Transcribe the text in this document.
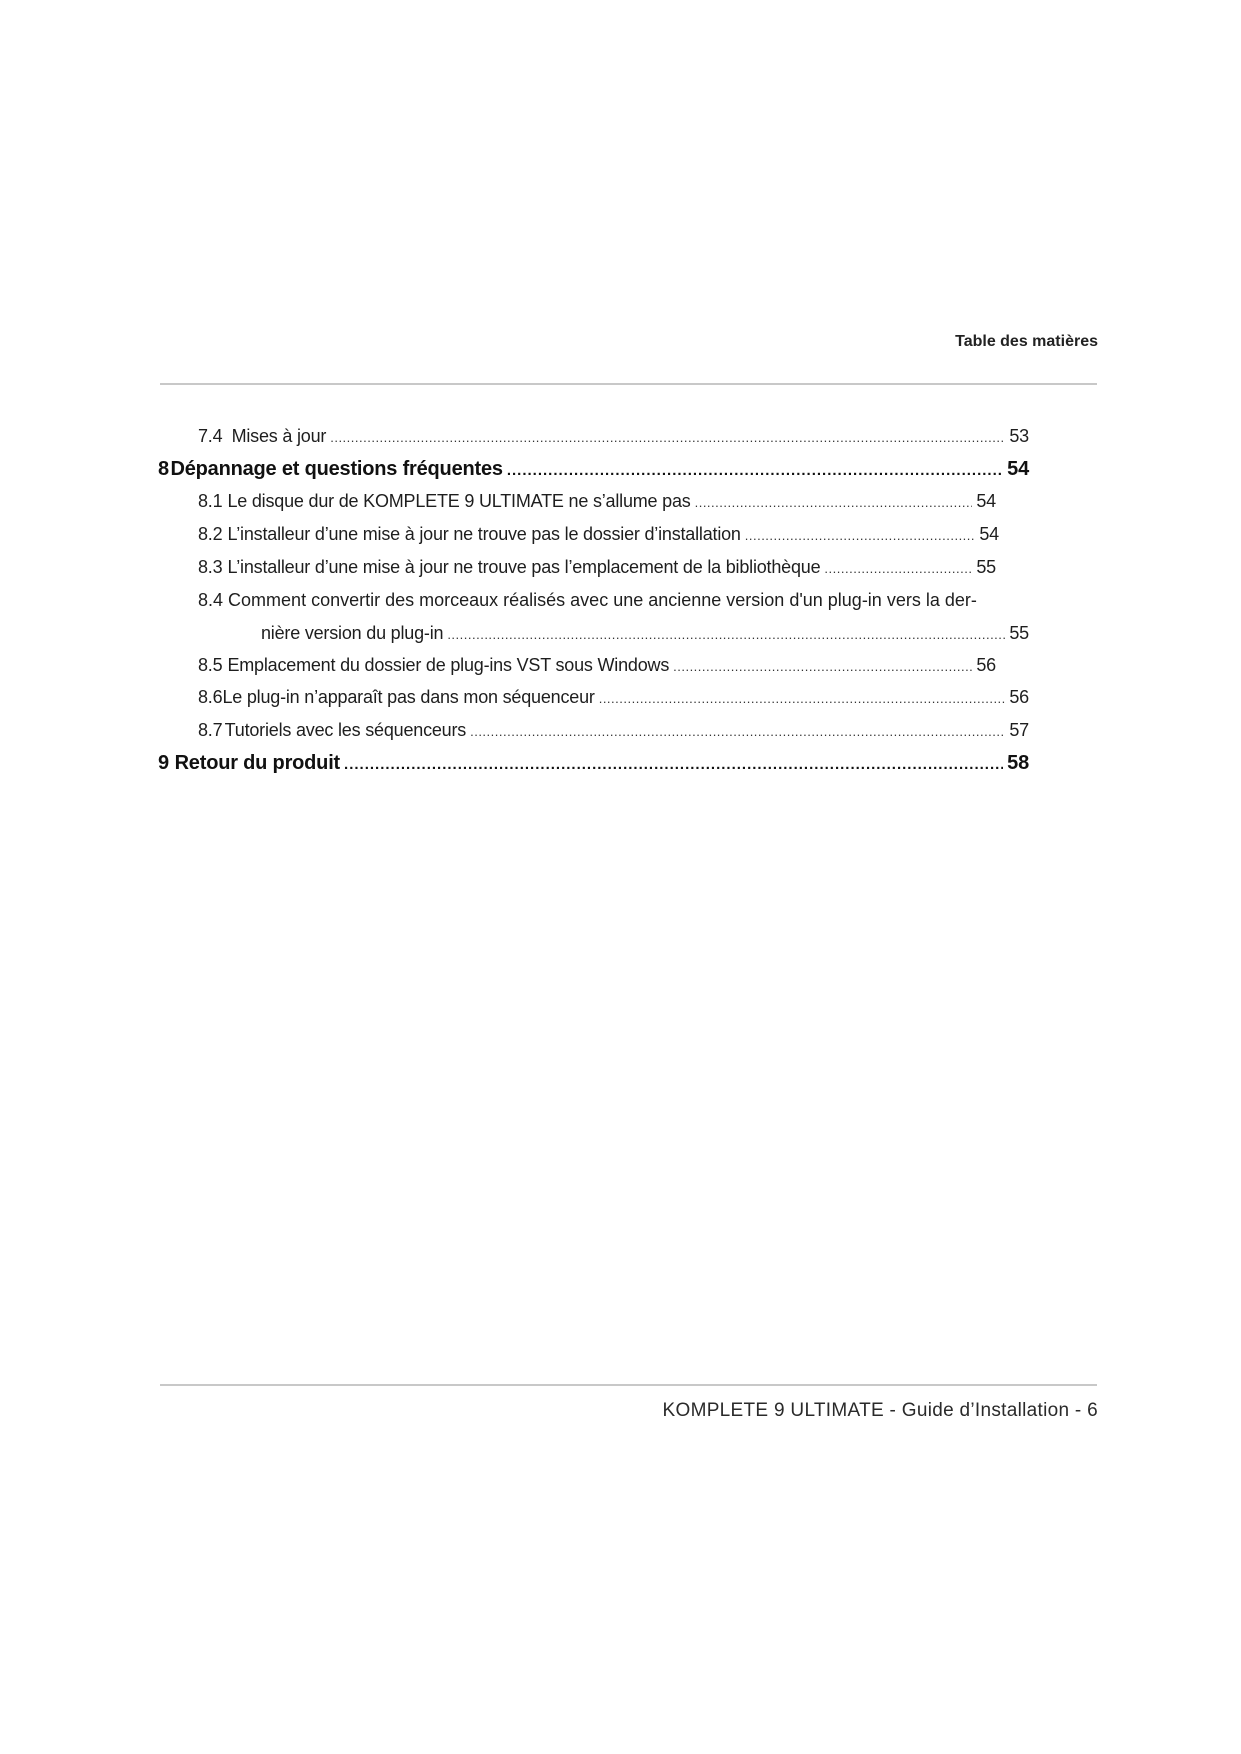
Table des matières
7.4 Mises à jour .....	53
8 Dépannage et questions fréquentes .....	54
8.1 Le disque dur de KOMPLETE 9 ULTIMATE ne s’allume pas .....	54
8.2 L’installeur d’une mise à jour ne trouve pas le dossier d’installation .....	54
8.3 L’installeur d’une mise à jour ne trouve pas l’emplacement de la bibliothèque .....	55
8.4 Comment convertir des morceaux réalisés avec une ancienne version d'un plug-in vers la der-
nière version du plug-in .....	55
8.5 Emplacement du dossier de plug-ins VST sous Windows .....	56
8.6 Le plug-in n’apparaît pas dans mon séquenceur .....	56
8.7 Tutoriels avec les séquenceurs .....	57
9 Retour du produit .....	58
KOMPLETE 9 ULTIMATE - Guide d’Installation - 6
